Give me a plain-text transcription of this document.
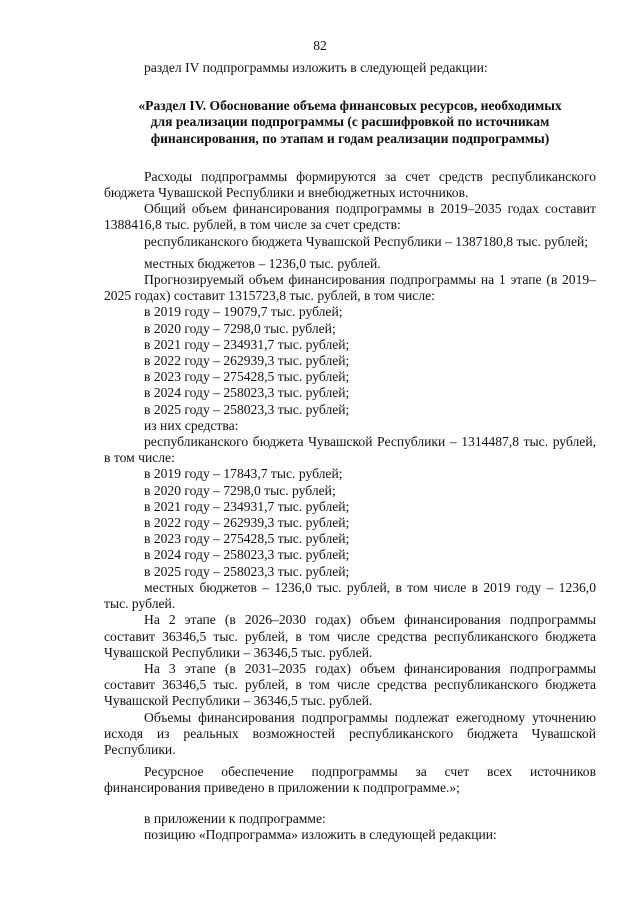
82

раздел IV подпрограммы изложить в следующей редакции:

«Раздел IV. Обоснование объема финансовых ресурсов, необходимых

для реализации подпрограммы (с расшифровкой по источникам

финансирования, по этапам и годам реализации подпрограммы)

Расходы подпрограммы формируются за счет средств республиканского бюджета Чувашской Республики и внебюджетных источников.

Общий объем финансирования подпрограммы в 2019–2035 годах составит 1388416,8 тыс. рублей, в том числе за счет средств:

республиканского бюджета Чувашской Республики – 1387180,8 тыс. рублей;

местных бюджетов – 1236,0 тыс. рублей.

Прогнозируемый объем финансирования подпрограммы на 1 этапе (в 2019–2025 годах) составит 1315723,8 тыс. рублей, в том числе:

в 2019 году – 19079,7 тыс. рублей;

в 2020 году – 7298,0 тыс. рублей;

в 2021 году – 234931,7 тыс. рублей;

в 2022 году – 262939,3 тыс. рублей;

в 2023 году – 275428,5 тыс. рублей;

в 2024 году – 258023,3 тыс. рублей;

в 2025 году – 258023,3 тыс. рублей;

из них средства:

республиканского бюджета Чувашской Республики – 1314487,8 тыс. рублей, в том числе:

в 2019 году – 17843,7 тыс. рублей;

в 2020 году – 7298,0 тыс. рублей;

в 2021 году – 234931,7 тыс. рублей;

в 2022 году – 262939,3 тыс. рублей;

в 2023 году – 275428,5 тыс. рублей;

в 2024 году – 258023,3 тыс. рублей;

в 2025 году – 258023,3 тыс. рублей;

местных бюджетов – 1236,0 тыс. рублей, в том числе в 2019 году – 1236,0 тыс. рублей.

На 2 этапе (в 2026–2030 годах) объем финансирования подпрограммы составит 36346,5 тыс. рублей, в том числе средства республиканского бюджета Чувашской Республики – 36346,5 тыс. рублей.

На 3 этапе (в 2031–2035 годах) объем финансирования подпрограммы составит 36346,5 тыс. рублей, в том числе средства республиканского бюджета Чувашской Республики – 36346,5 тыс. рублей.

Объемы финансирования подпрограммы подлежат ежегодному уточнению исходя из реальных возможностей республиканского бюджета Чувашской Республики.

Ресурсное обеспечение подпрограммы за счет всех источников финансирования приведено в приложении к подпрограмме.»;

в приложении к подпрограмме:

позицию «Подпрограмма» изложить в следующей редакции:
